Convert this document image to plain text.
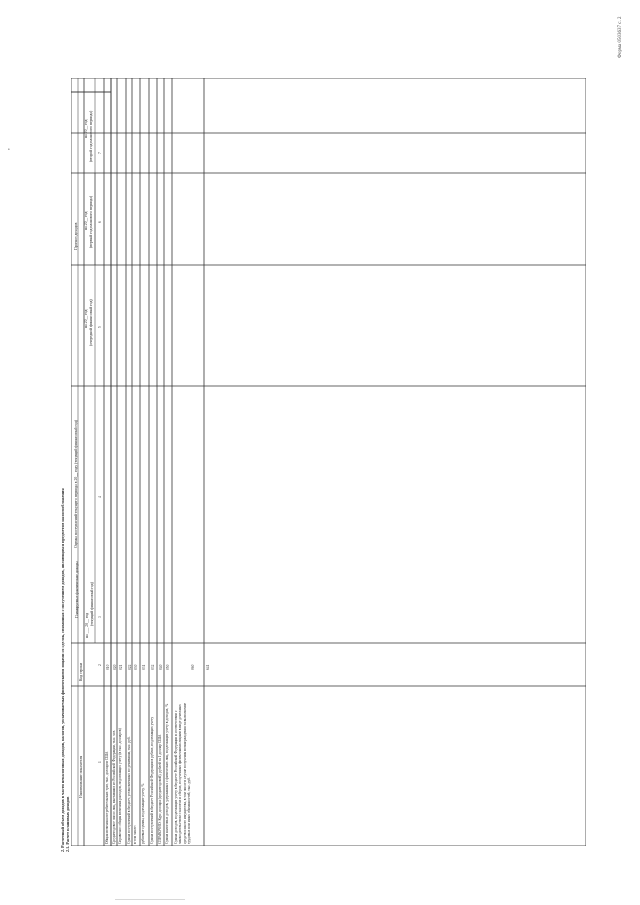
Форма 0503637 с. 2
2. Расчетный объем доходов в части неналоговых доходов, налогов, уплачиваемых физическими лицами со сделок, связанных с получением доходов, являющихся предметом налогообложения 2.1. Расчет плановых доходов
•
Наименование показателя
Код строки
Планируемые фактические доходы
на ___ 20__ год (текущий финансовый год)
Оценка поступлений текущего периода в 20__ году (текущий финансовый год)
Прогноз доходов
на 20__ год (очередной финансовый год)
на 20__ год (первый год планового периода)
на 20__ год (второй год планового периода)
1
2
3
4
5
6
7
Общая величина потребительских трат, тыс. долларов США
010
Среднегодовое число лиц, выехавших из Российской Федерации, тыс. чел.
020
Справочно: общая величина расходов, подлежащих учету (в тыс. долларов)
021
Сумма поступлений в бюджет, установленных по решениям, тыс. руб.
022
в том числе:
030
рублевые суммы, подлежащие учету, %
031
Сумма поступлений в бюджет Российской Федерации в рублях, подлежащих учету
032
СПРАВОЧНО: Курс доллара (среднегодовой), рублей за 1 доллар США
040
Сумма налоговых доходов, удержанных с физических лиц, подлежащих учету в доходах, %
050
Сумма доходов, подлежащих учету в бюджете Российской Федерации в соответствии с законодательством о налогах и сборах, полученных физическими лицами в виде денежных средств и иного имущества, в том числе в случае получения вознаграждения за выполнение трудовых или иных обязанностей, тыс. руб.
060	641
